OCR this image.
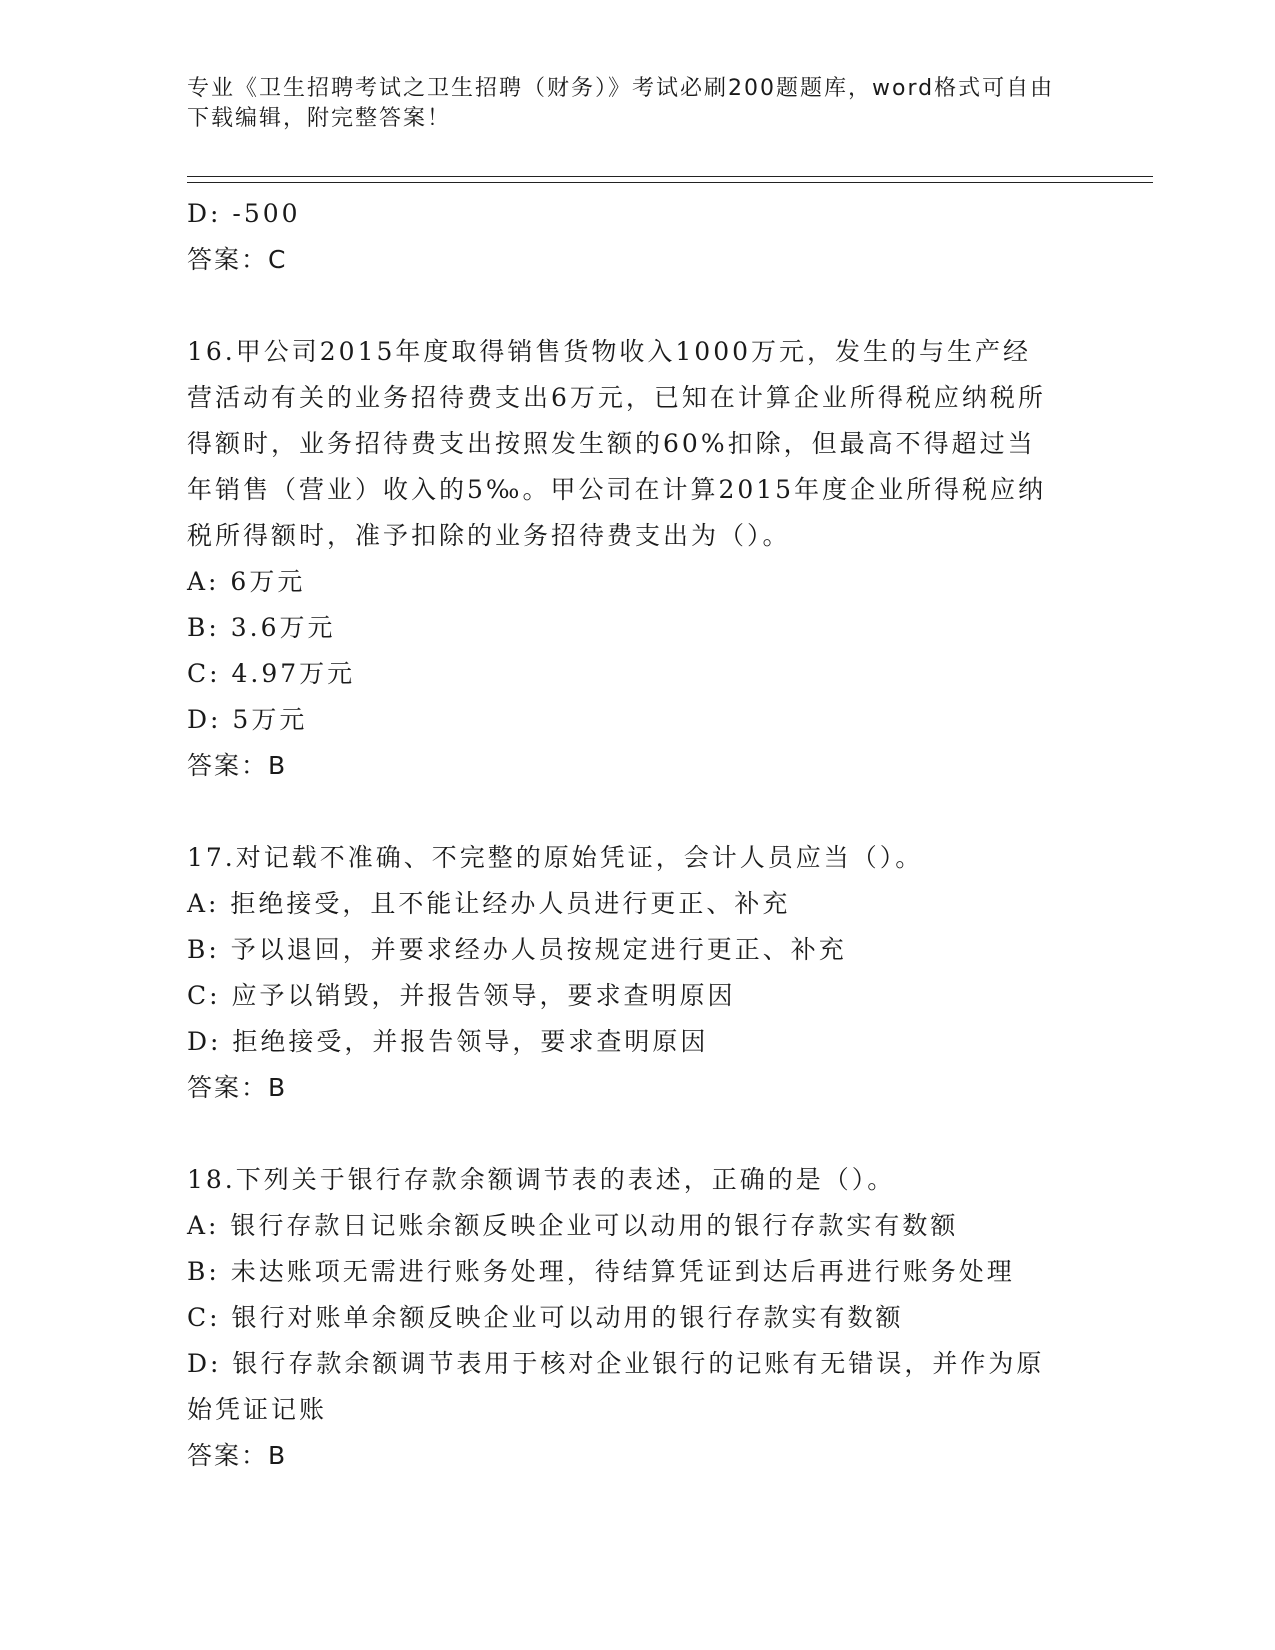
专业《卫生招聘考试之卫生招聘（财务）》考试必刷200题题库，word格式可自由下载编辑，附完整答案！
D: -500
答案：C
16.甲公司2015年度取得销售货物收入1000万元，发生的与生产经营活动有关的业务招待费支出6万元，已知在计算企业所得税应纳税所得额时，业务招待费支出按照发生额的60%扣除，但最高不得超过当年销售（营业）收入的5‰。甲公司在计算2015年度企业所得税应纳税所得额时，准予扣除的业务招待费支出为（）。
A: 6万元
B: 3.6万元
C: 4.97万元
D: 5万元
答案：B
17.对记载不准确、不完整的原始凭证，会计人员应当（）。
A: 拒绝接受，且不能让经办人员进行更正、补充
B: 予以退回，并要求经办人员按规定进行更正、补充
C: 应予以销毁，并报告领导，要求查明原因
D: 拒绝接受，并报告领导，要求查明原因
答案：B
18.下列关于银行存款余额调节表的表述，正确的是（）。
A: 银行存款日记账余额反映企业可以动用的银行存款实有数额
B: 未达账项无需进行账务处理，待结算凭证到达后再进行账务处理
C: 银行对账单余额反映企业可以动用的银行存款实有数额
D: 银行存款余额调节表用于核对企业银行的记账有无错误，并作为原始凭证记账
答案：B
